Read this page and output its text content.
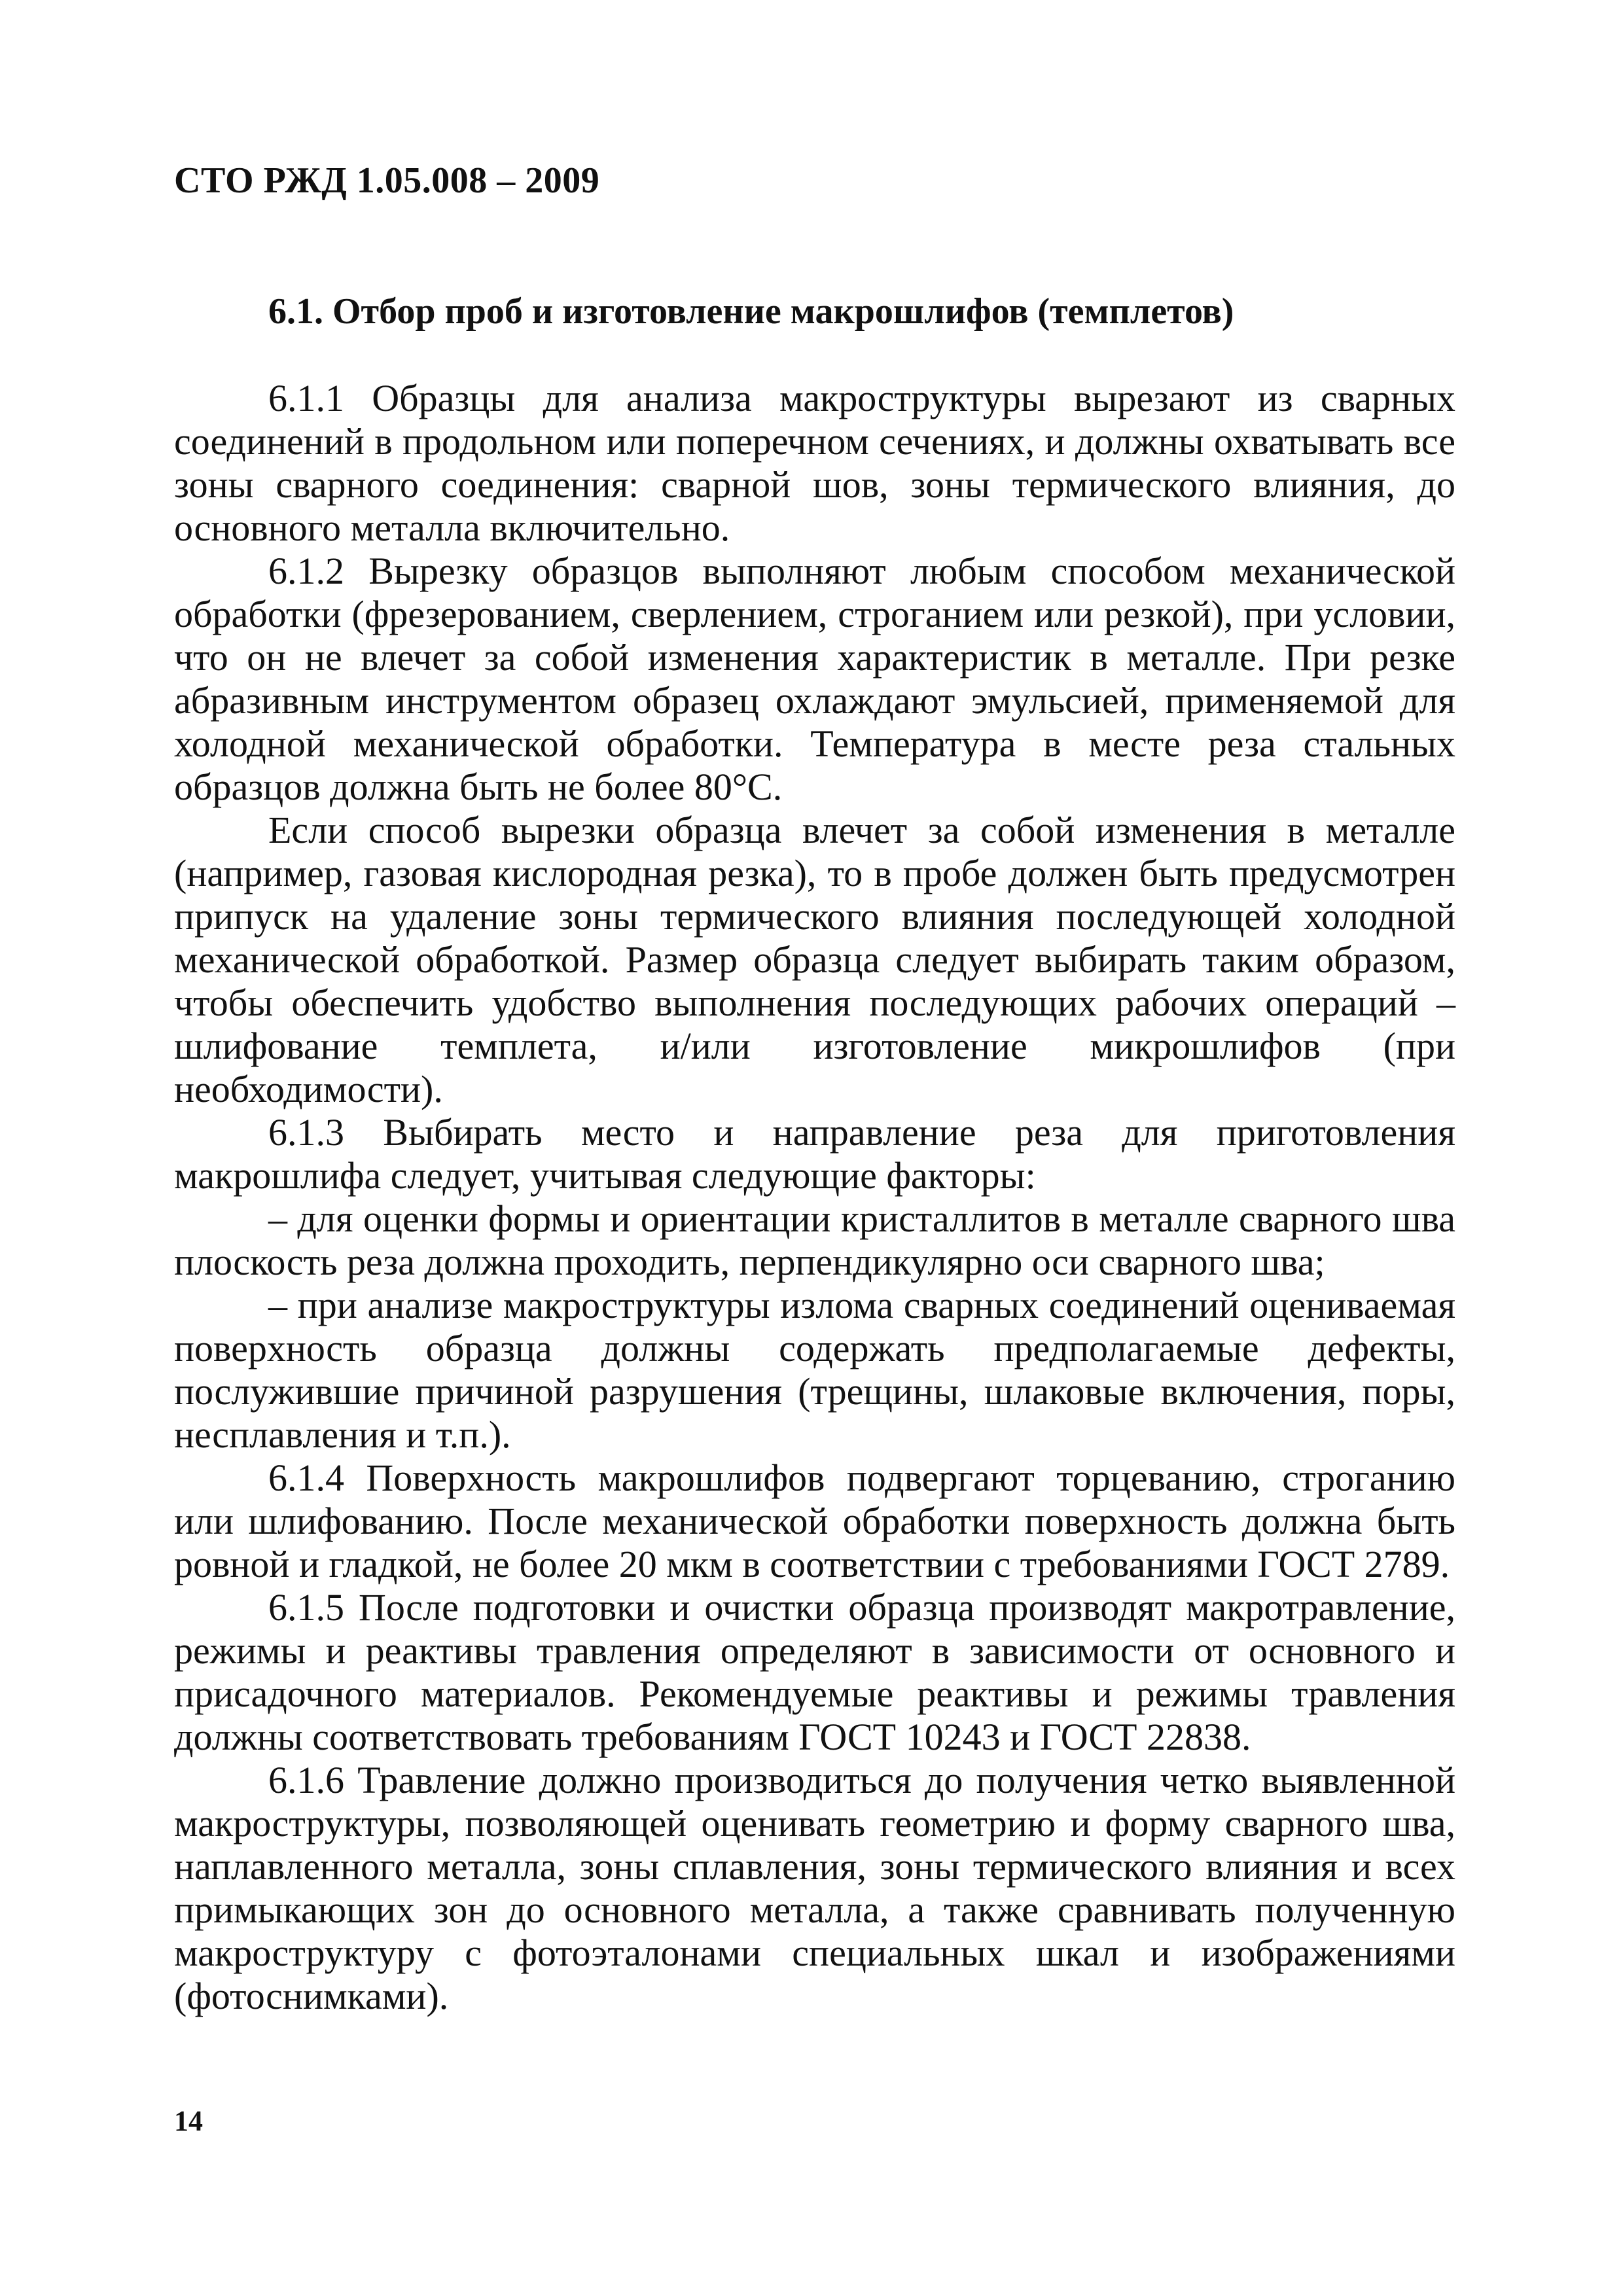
СТО РЖД 1.05.008 – 2009
6.1. Отбор проб и изготовление макрошлифов (темплетов)

6.1.1 Образцы для анализа макроструктуры вырезают из сварных соединений в продольном или поперечном сечениях, и должны охватывать все зоны сварного соединения: сварной шов, зоны термического влияния, до основного металла включительно.

6.1.2 Вырезку образцов выполняют любым способом механической обработки (фрезерованием, сверлением, строганием или резкой), при условии, что он не влечет за собой изменения характеристик в металле. При резке абразивным инструментом образец охлаждают эмульсией, применяемой для холодной механической обработки. Температура в месте реза стальных образцов должна быть не более 80°С.

Если способ вырезки образца влечет за собой изменения в металле (например, газовая кислородная резка), то в пробе должен быть предусмотрен припуск на удаление зоны термического влияния последующей холодной механической обработкой. Размер образца следует выбирать таким образом, чтобы обеспечить удобство выполнения последующих рабочих операций – шлифование темплета, и/или изготовление микрошлифов (при необходимости).

6.1.3 Выбирать место и направление реза для приготовления макрошлифа следует, учитывая следующие факторы:

– для оценки формы и ориентации кристаллитов в металле сварного шва плоскость реза должна проходить, перпендикулярно оси сварного шва;

– при анализе макроструктуры излома сварных соединений оцениваемая поверхность образца должны содержать предполагаемые дефекты, послужившие причиной разрушения (трещины, шлаковые включения, поры, несплавления и т.п.).

6.1.4 Поверхность макрошлифов подвергают торцеванию, строганию или шлифованию. После механической обработки поверхность должна быть ровной и гладкой, не более 20 мкм в соответствии с требованиями ГОСТ 2789.

6.1.5 После подготовки и очистки образца производят макротравление, режимы и реактивы травления определяют в зависимости от основного и присадочного материалов. Рекомендуемые реактивы и режимы травления должны соответствовать требованиям ГОСТ 10243 и ГОСТ 22838.

6.1.6 Травление должно производиться до получения четко выявленной макроструктуры, позволяющей оценивать геометрию и форму сварного шва, наплавленного металла, зоны сплавления, зоны термического влияния и всех примыкающих зон до основного металла, а также сравнивать полученную макроструктуру с фотоэталонами специальных шкал и изображениями (фотоснимками).

14
